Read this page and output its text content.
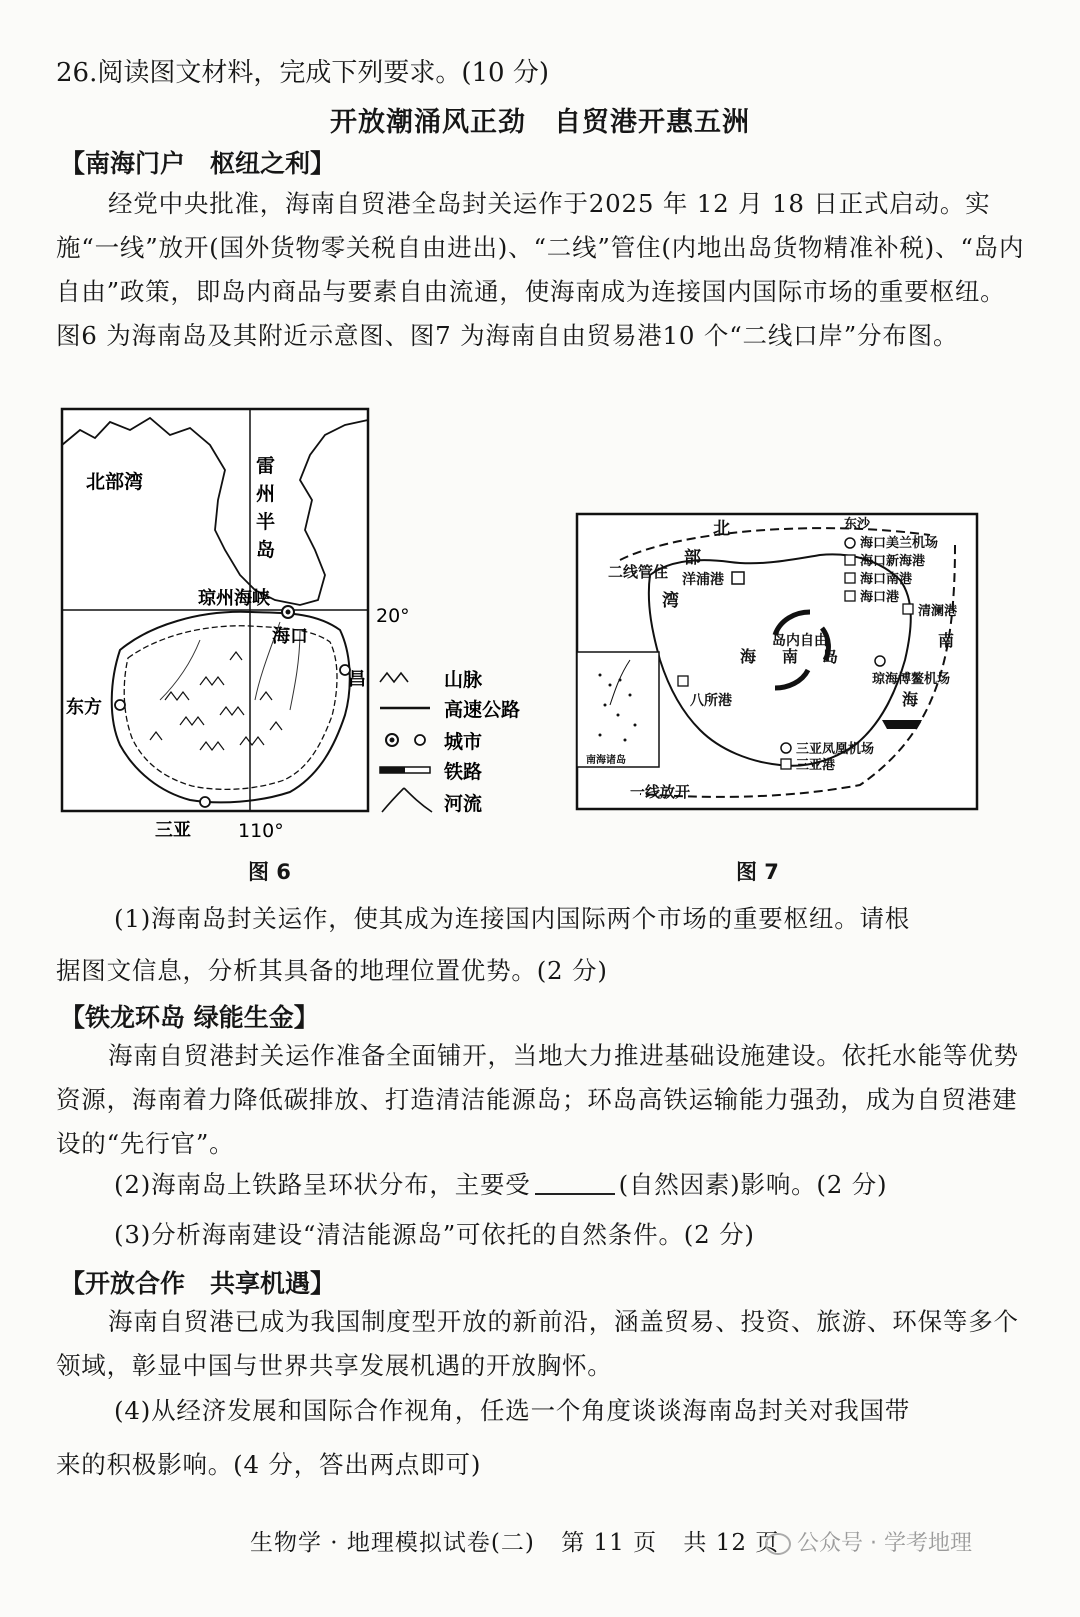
26.阅读图文材料，完成下列要求。(10 分)
开放潮涌风正劲　自贸港开惠五洲
【南海门户　枢纽之利】

经党中央批准，海南自贸港全岛封关运作于2025 年 12 月 18 日正式启动。实施“一线”放开(国外货物零关税自由进出)、“二线”管住(内地出岛货物精准补税)、“岛内自由”政策，即岛内商品与要素自由流通，使海南成为连接国内国际市场的重要枢纽。图6 为海南岛及其附近示意图、图7 为海南自由贸易港10 个“二线口岸”分布图。

北部湾
雷
州
半
岛
琼州海峡
海口
东方
三亚
昌
20°
110°
山脉
高速公路
城市
铁路
河流
北
部
湾
东沙
二线管住 洋浦港
海口美兰机场
海口新海港
海口南港
海口港
清澜港
南
海
岛内自由
海 南 岛
八所港
琼海博鳌机场
三亚凤凰机场
三亚港
一线放开
南海诸岛
图 6	图 7
(1)海南岛封关运作，使其成为连接国内国际两个市场的重要枢纽。请根
据图文信息，分析其具备的地理位置优势。(2 分)
【铁龙环岛 绿能生金】

海南自贸港封关运作准备全面铺开，当地大力推进基础设施建设。依托水能等优势资源，海南着力降低碳排放、打造清洁能源岛；环岛高铁运输能力强劲，成为自贸港建设的“先行官”。

(2)海南岛上铁路呈环状分布，主要受	(自然因素)影响。(2 分)
(3)分析海南建设“清洁能源岛”可依托的自然条件。(2 分)
【开放合作　共享机遇】

海南自贸港已成为我国制度型开放的新前沿，涵盖贸易、投资、旅游、环保等多个领域，彰显中国与世界共享发展机遇的开放胸怀。

(4)从经济发展和国际合作视角，任选一个角度谈谈海南岛封关对我国带
来的积极影响。(4 分，答出两点即可)
生物学 · 地理模拟试卷(二) 第 11 页 共 12 页 公众号 · 学考地理
